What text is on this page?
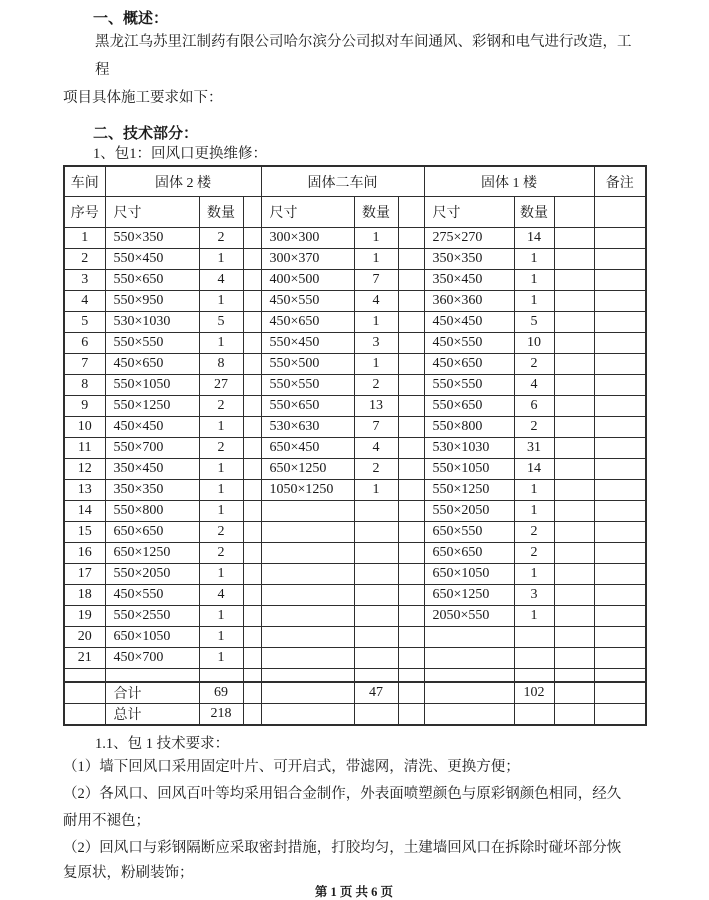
一、概述：
黑龙江乌苏里江制药有限公司哈尔滨分公司拟对车间通风、彩钢和电气进行改造，工程
项目具体施工要求如下：
二、技术部分：
1、包1：回风口更换维修：
车间	固体 2 楼			固体二车间			固体 1 楼			备注
序号	尺寸	数量		尺寸	数量		尺寸	数量		
1	550×350	2		300×300	1		275×270	14		
2	550×450	1		300×370	1		350×350	1		
3	550×650	4		400×500	7		350×450	1		
4	550×950	1		450×550	4		360×360	1		
5	530×1030	5		450×650	1		450×450	5		
6	550×550	1		550×450	3		450×550	10		
7	450×650	8		550×500	1		450×650	2		
8	550×1050	27		550×550	2		550×550	4		
9	550×1250	2		550×650	13		550×650	6		
10	450×450	1		530×630	7		550×800	2		
11	550×700	2		650×450	4		530×1030	31		
12	350×450	1		650×1250	2		550×1050	14		
13	350×350	1		1050×1250	1		550×1250	1		
14	550×800	1					550×2050	1		
15	650×650	2					650×550	2		
16	650×1250	2					650×650	2		
17	550×2050	1					650×1050	1		
18	450×550	4					650×1250	3		
19	550×2550	1					2050×550	1		
20	650×1050	1								
21	450×700	1								

	合计	69			47			102		
	总计	218								
1.1、包 1 技术要求：
（1）墙下回风口采用固定叶片、可开启式，带滤网，清洗、更换方便；
（2）各风口、回风百叶等均采用铝合金制作，外表面喷塑颜色与原彩钢颜色相同，经久
耐用不褪色；
（2）回风口与彩钢隔断应采取密封措施，打胶均匀，土建墙回风口在拆除时碰坏部分恢
复原状，粉刷装饰；
第 1 页 共 6 页
